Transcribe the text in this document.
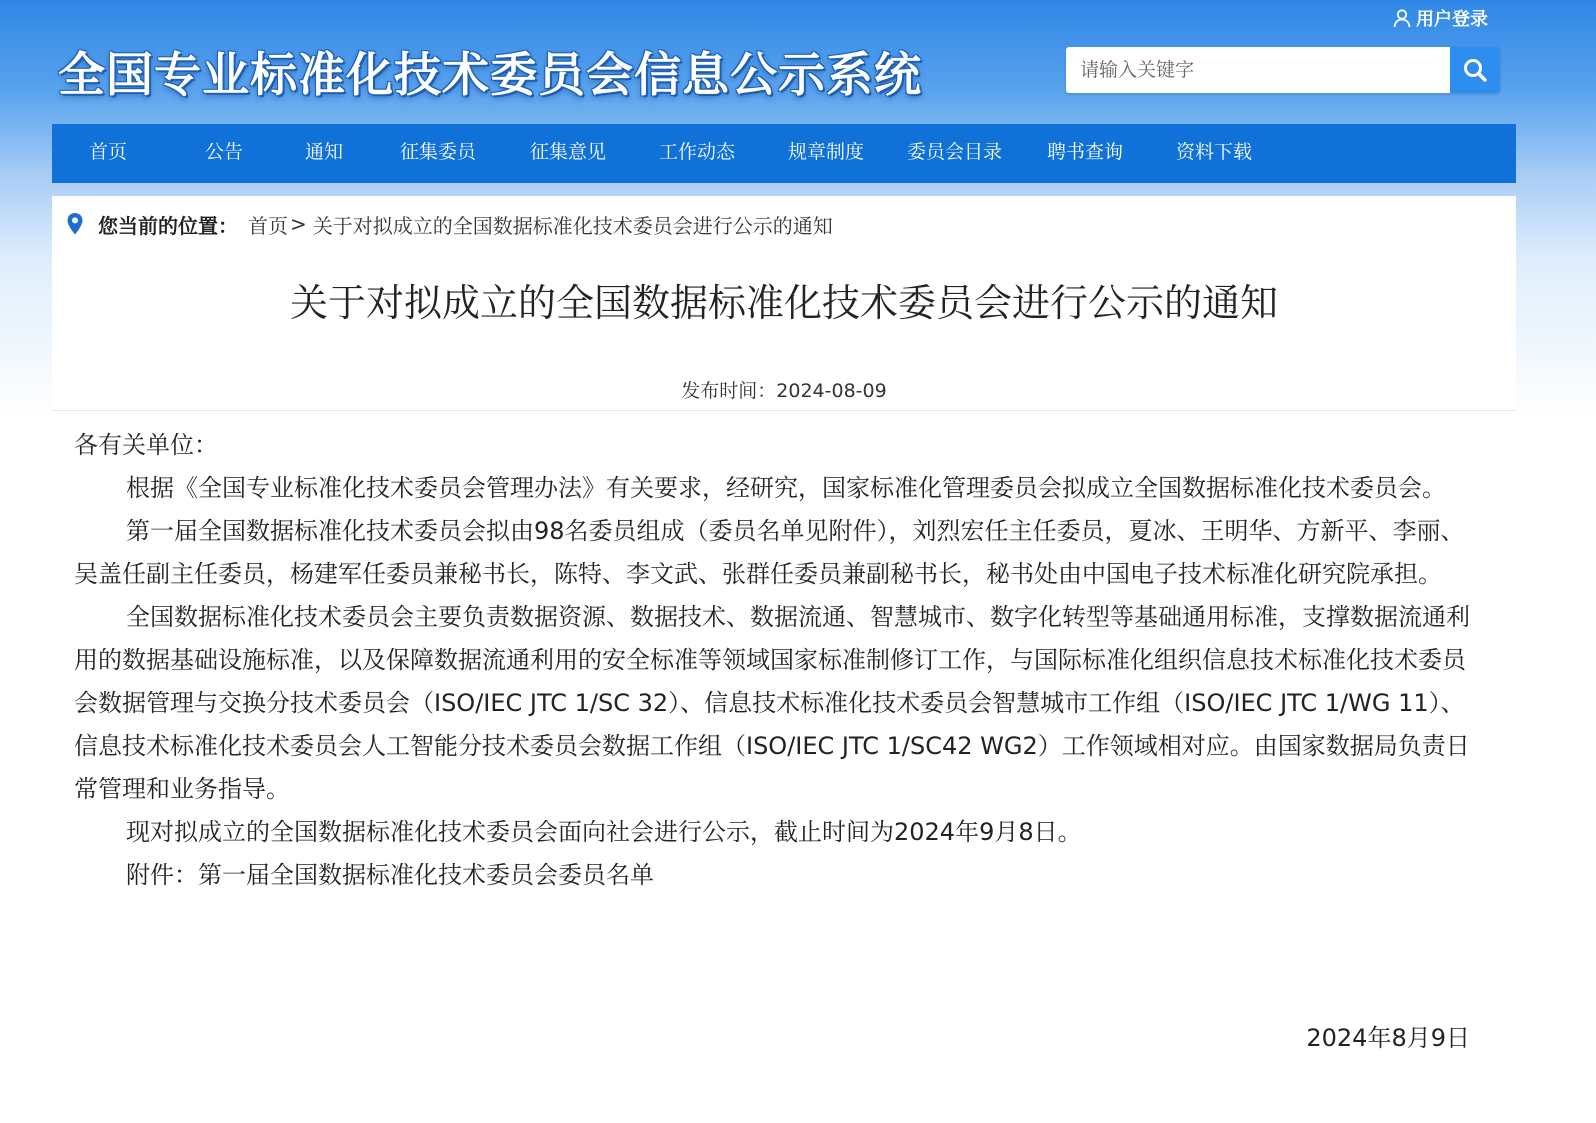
全国专业标准化技术委员会信息公示系统
用户登录
请输入关键字
首页	公告	通知	征集委员	征集意见	工作动态	规章制度 委员会目录 聘书查询	资料下载
您当前的位置： 首页 > 关于对拟成立的全国数据标准化技术委员会进行公示的通知
关于对拟成立的全国数据标准化技术委员会进行公示的通知
发布时间：2024-08-09

各有关单位：

根据《全国专业标准化技术委员会管理办法》有关要求，经研究，国家标准化管理委员会拟成立全国数据标准化技术委员会。

第一届全国数据标准化技术委员会拟由98名委员组成（委员名单见附件），刘烈宏任主任委员，夏冰、王明华、方新平、李丽、吴盖任副主任委员，杨建军任委员兼秘书长，陈特、李文武、张群任委员兼副秘书长，秘书处由中国电子技术标准化研究院承担。

全国数据标准化技术委员会主要负责数据资源、数据技术、数据流通、智慧城市、数字化转型等基础通用标准，支撑数据流通利用的数据基础设施标准，以及保障数据流通利用的安全标准等领域国家标准制修订工作，与国际标准化组织信息技术标准化技术委员会数据管理与交换分技术委员会（ISO/IEC JTC 1/SC 32）、信息技术标准化技术委员会智慧城市工作组（ISO/IEC JTC 1/WG 11）、信息技术标准化技术委员会人工智能分技术委员会数据工作组（ISO/IEC JTC 1/SC42 WG2）工作领域相对应。由国家数据局负责日常管理和业务指导。

现对拟成立的全国数据标准化技术委员会面向社会进行公示，截止时间为2024年9月8日。

附件：第一届全国数据标准化技术委员会委员名单

2024年8月9日
